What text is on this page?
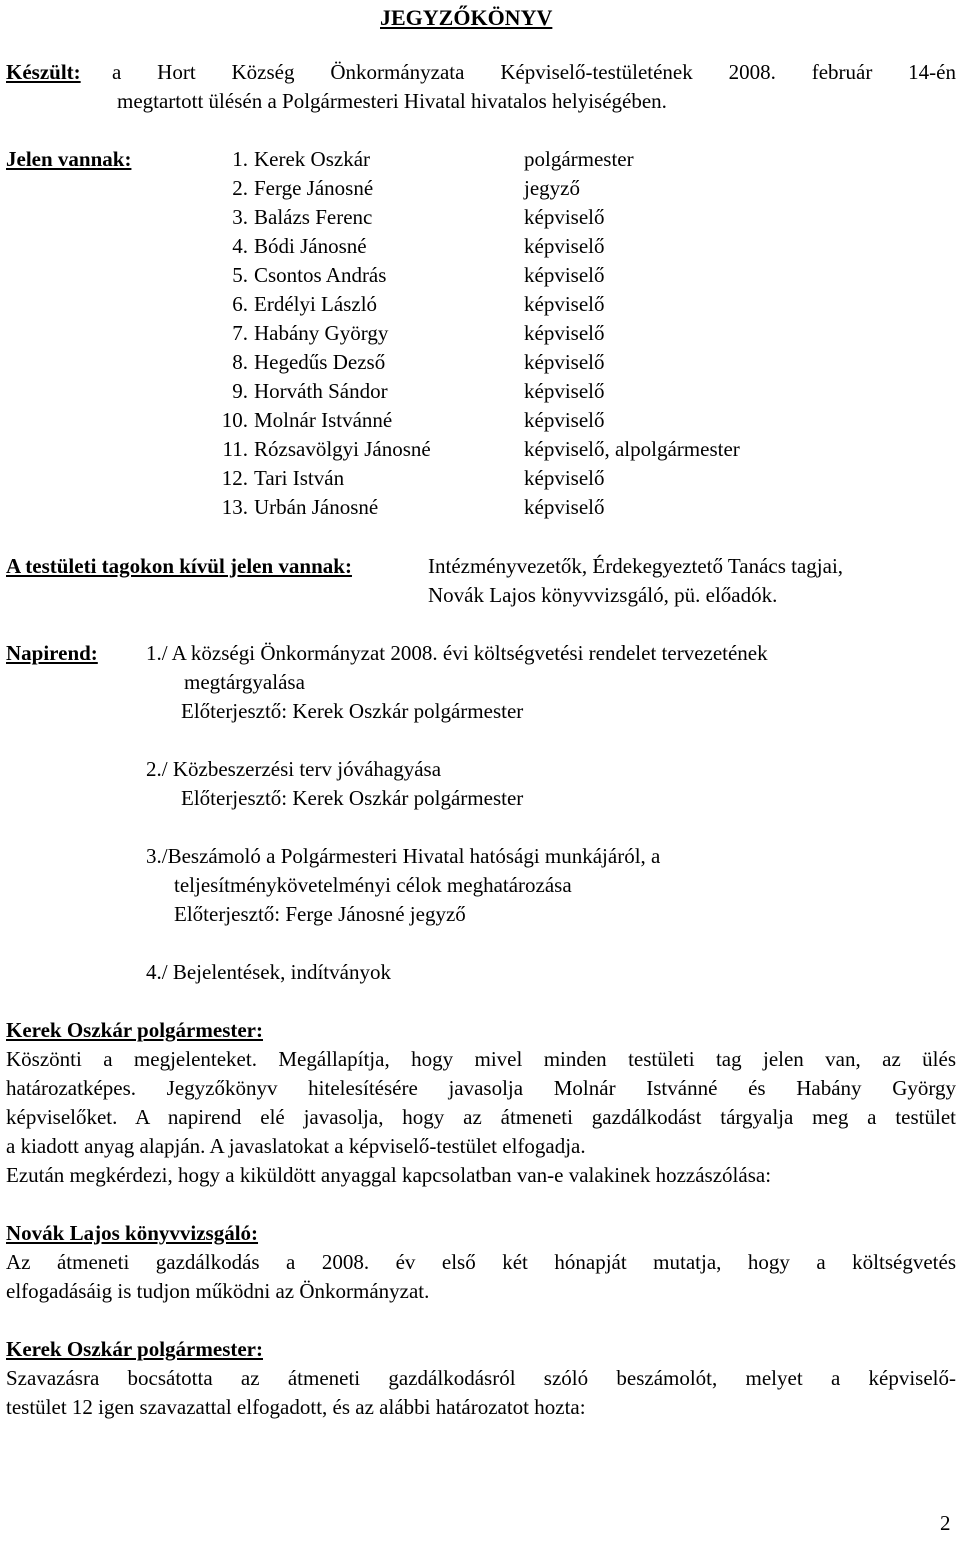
JEGYZŐKÖNYV
Készült: a Hort Község Önkormányzata Képviselő-testületének 2008. február 14-én
megtartott ülésén a Polgármesteri Hivatal hivatalos helyiségében.
Jelen vannak:	1. Kerek Oszkár	polgármester
2. Ferge Jánosné	jegyző
3. Balázs Ferenc	képviselő
4. Bódi Jánosné	képviselő
5. Csontos András	képviselő
6. Erdélyi László	képviselő
7. Habány György	képviselő
8. Hegedűs Dezső	képviselő
9. Horváth Sándor	képviselő
10. Molnár Istvánné	képviselő
11. Rózsavölgyi Jánosné	képviselő, alpolgármester
12. Tari István	képviselő
13. Urbán Jánosné	képviselő
A testületi tagokon kívül jelen vannak:	Intézményvezetők, Érdekegyeztető Tanács tagjai,
Novák Lajos könyvvizsgáló, pü. előadók.
Napirend: 1./ A községi Önkormányzat 2008. évi költségvetési rendelet tervezetének
megtárgyalása
Előterjesztő: Kerek Oszkár polgármester
2./ Közbeszerzési terv jóváhagyása
Előterjesztő: Kerek Oszkár polgármester
3./Beszámoló a Polgármesteri Hivatal hatósági munkájáról, a
teljesítménykövetelményi célok meghatározása
Előterjesztő: Ferge Jánosné jegyző
4./ Bejelentések, indítványok
Kerek Oszkár polgármester:

Köszönti a megjelenteket. Megállapítja, hogy mivel minden testületi tag jelen van, az ülés

határozatképes. Jegyzőkönyv hitelesítésére javasolja Molnár Istvánné és Habány György

képviselőket. A napirend elé javasolja, hogy az átmeneti gazdálkodást tárgyalja meg a testület

a kiadott anyag alapján. A javaslatokat a képviselő-testület elfogadja.

Ezután megkérdezi, hogy a kiküldött anyaggal kapcsolatban van-e valakinek hozzászólása:

Novák Lajos könyvvizsgáló:

Az átmeneti gazdálkodás a 2008. év első két hónapját mutatja, hogy a költségvetés

elfogadásáig is tudjon működni az Önkormányzat.

Kerek Oszkár polgármester:

Szavazásra bocsátotta az átmeneti gazdálkodásról szóló beszámolót, melyet a képviselő-

testület 12 igen szavazattal elfogadott, és az alábbi határozatot hozta:

2
